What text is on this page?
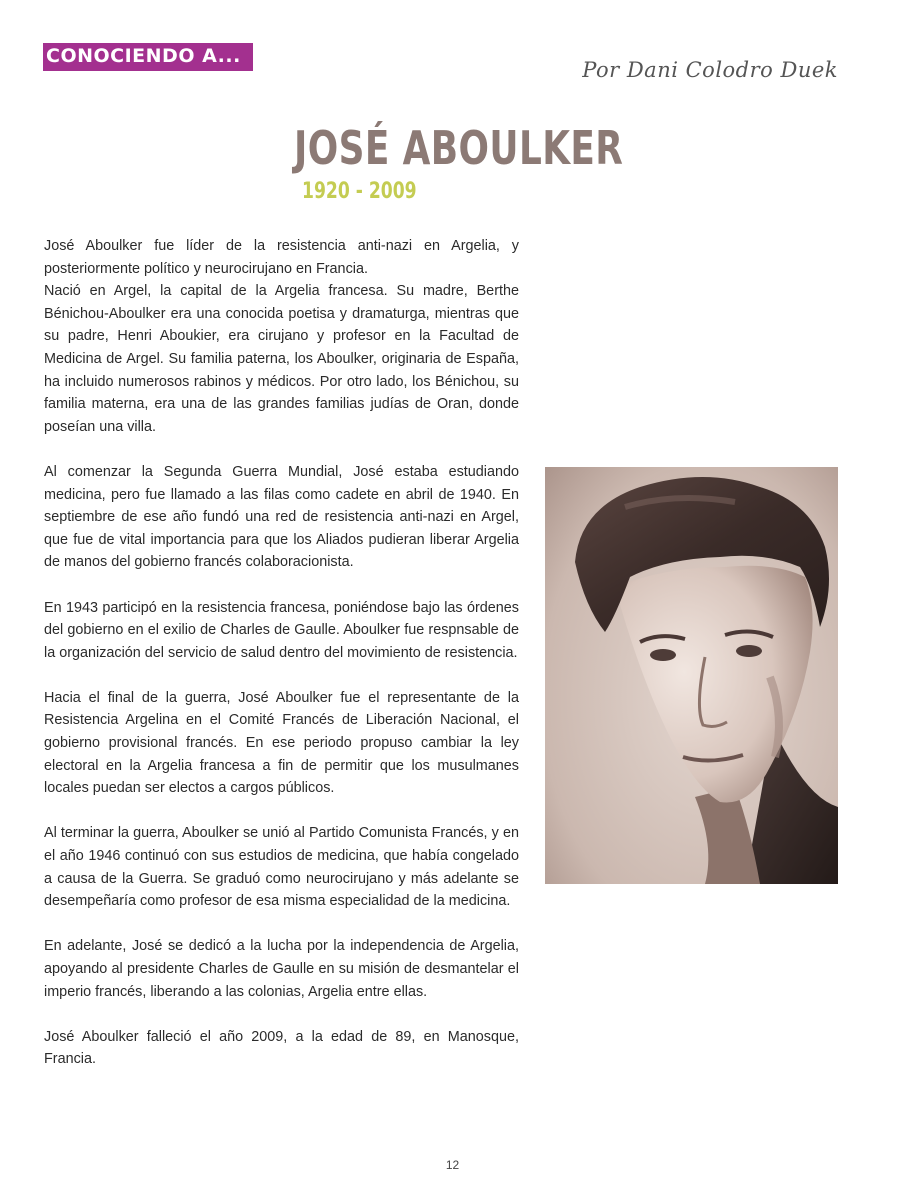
CONOCIENDO A...
Por Dani Colodro Duek
JOSÉ ABOULKER
1920 - 2009

José Aboulker fue líder de la resistencia anti-nazi en Argelia, y posteriormente político y neurocirujano en Francia.

Nació en Argel, la capital de la Argelia francesa. Su madre, Berthe Bénichou-Aboulker era una conocida poetisa y dramaturga, mientras que su padre, Henri Aboukier, era cirujano y profesor en la Facultad de Medicina de Argel. Su familia paterna, los Aboulker, originaria de España, ha incluido numerosos rabinos y médicos. Por otro lado, los Bénichou, su familia materna, era una de las grandes familias judías de Oran, donde poseían una villa.

Al comenzar la Segunda Guerra Mundial, José estaba estudiando medicina, pero fue llamado a las filas como cadete en abril de 1940. En septiembre de ese año fundó una red de resistencia anti-nazi en Argel, que fue de vital importancia para que los Aliados pudieran liberar Argelia de manos del gobierno francés colaboracionista.

En 1943 participó en la resistencia francesa, poniéndose bajo las órdenes del gobierno en el exilio de Charles de Gaulle. Aboulker fue respnsable de la organización del servicio de salud dentro del movimiento de resistencia.

Hacia el final de la guerra, José Aboulker fue el representante de la Resistencia Argelina en el Comité Francés de Liberación Nacional, el gobierno provisional francés. En ese periodo propuso cambiar la ley electoral en la Argelia francesa a fin de permitir que los musulmanes locales puedan ser electos a cargos públicos.

Al terminar la guerra, Aboulker se unió al Partido Comunista Francés, y en el año 1946 continuó con sus estudios de medicina, que había congelado a causa de la Guerra. Se graduó como neurocirujano y más adelante se desempeñaría como profesor de esa misma especialidad de la medicina.

En adelante, José se dedicó a la lucha por la independencia de Argelia, apoyando al presidente Charles de Gaulle en su misión de desmantelar el imperio francés, liberando a las colonias, Argelia entre ellas.

José Aboulker falleció el año 2009, a la edad de 89, en Manosque, Francia.

12
